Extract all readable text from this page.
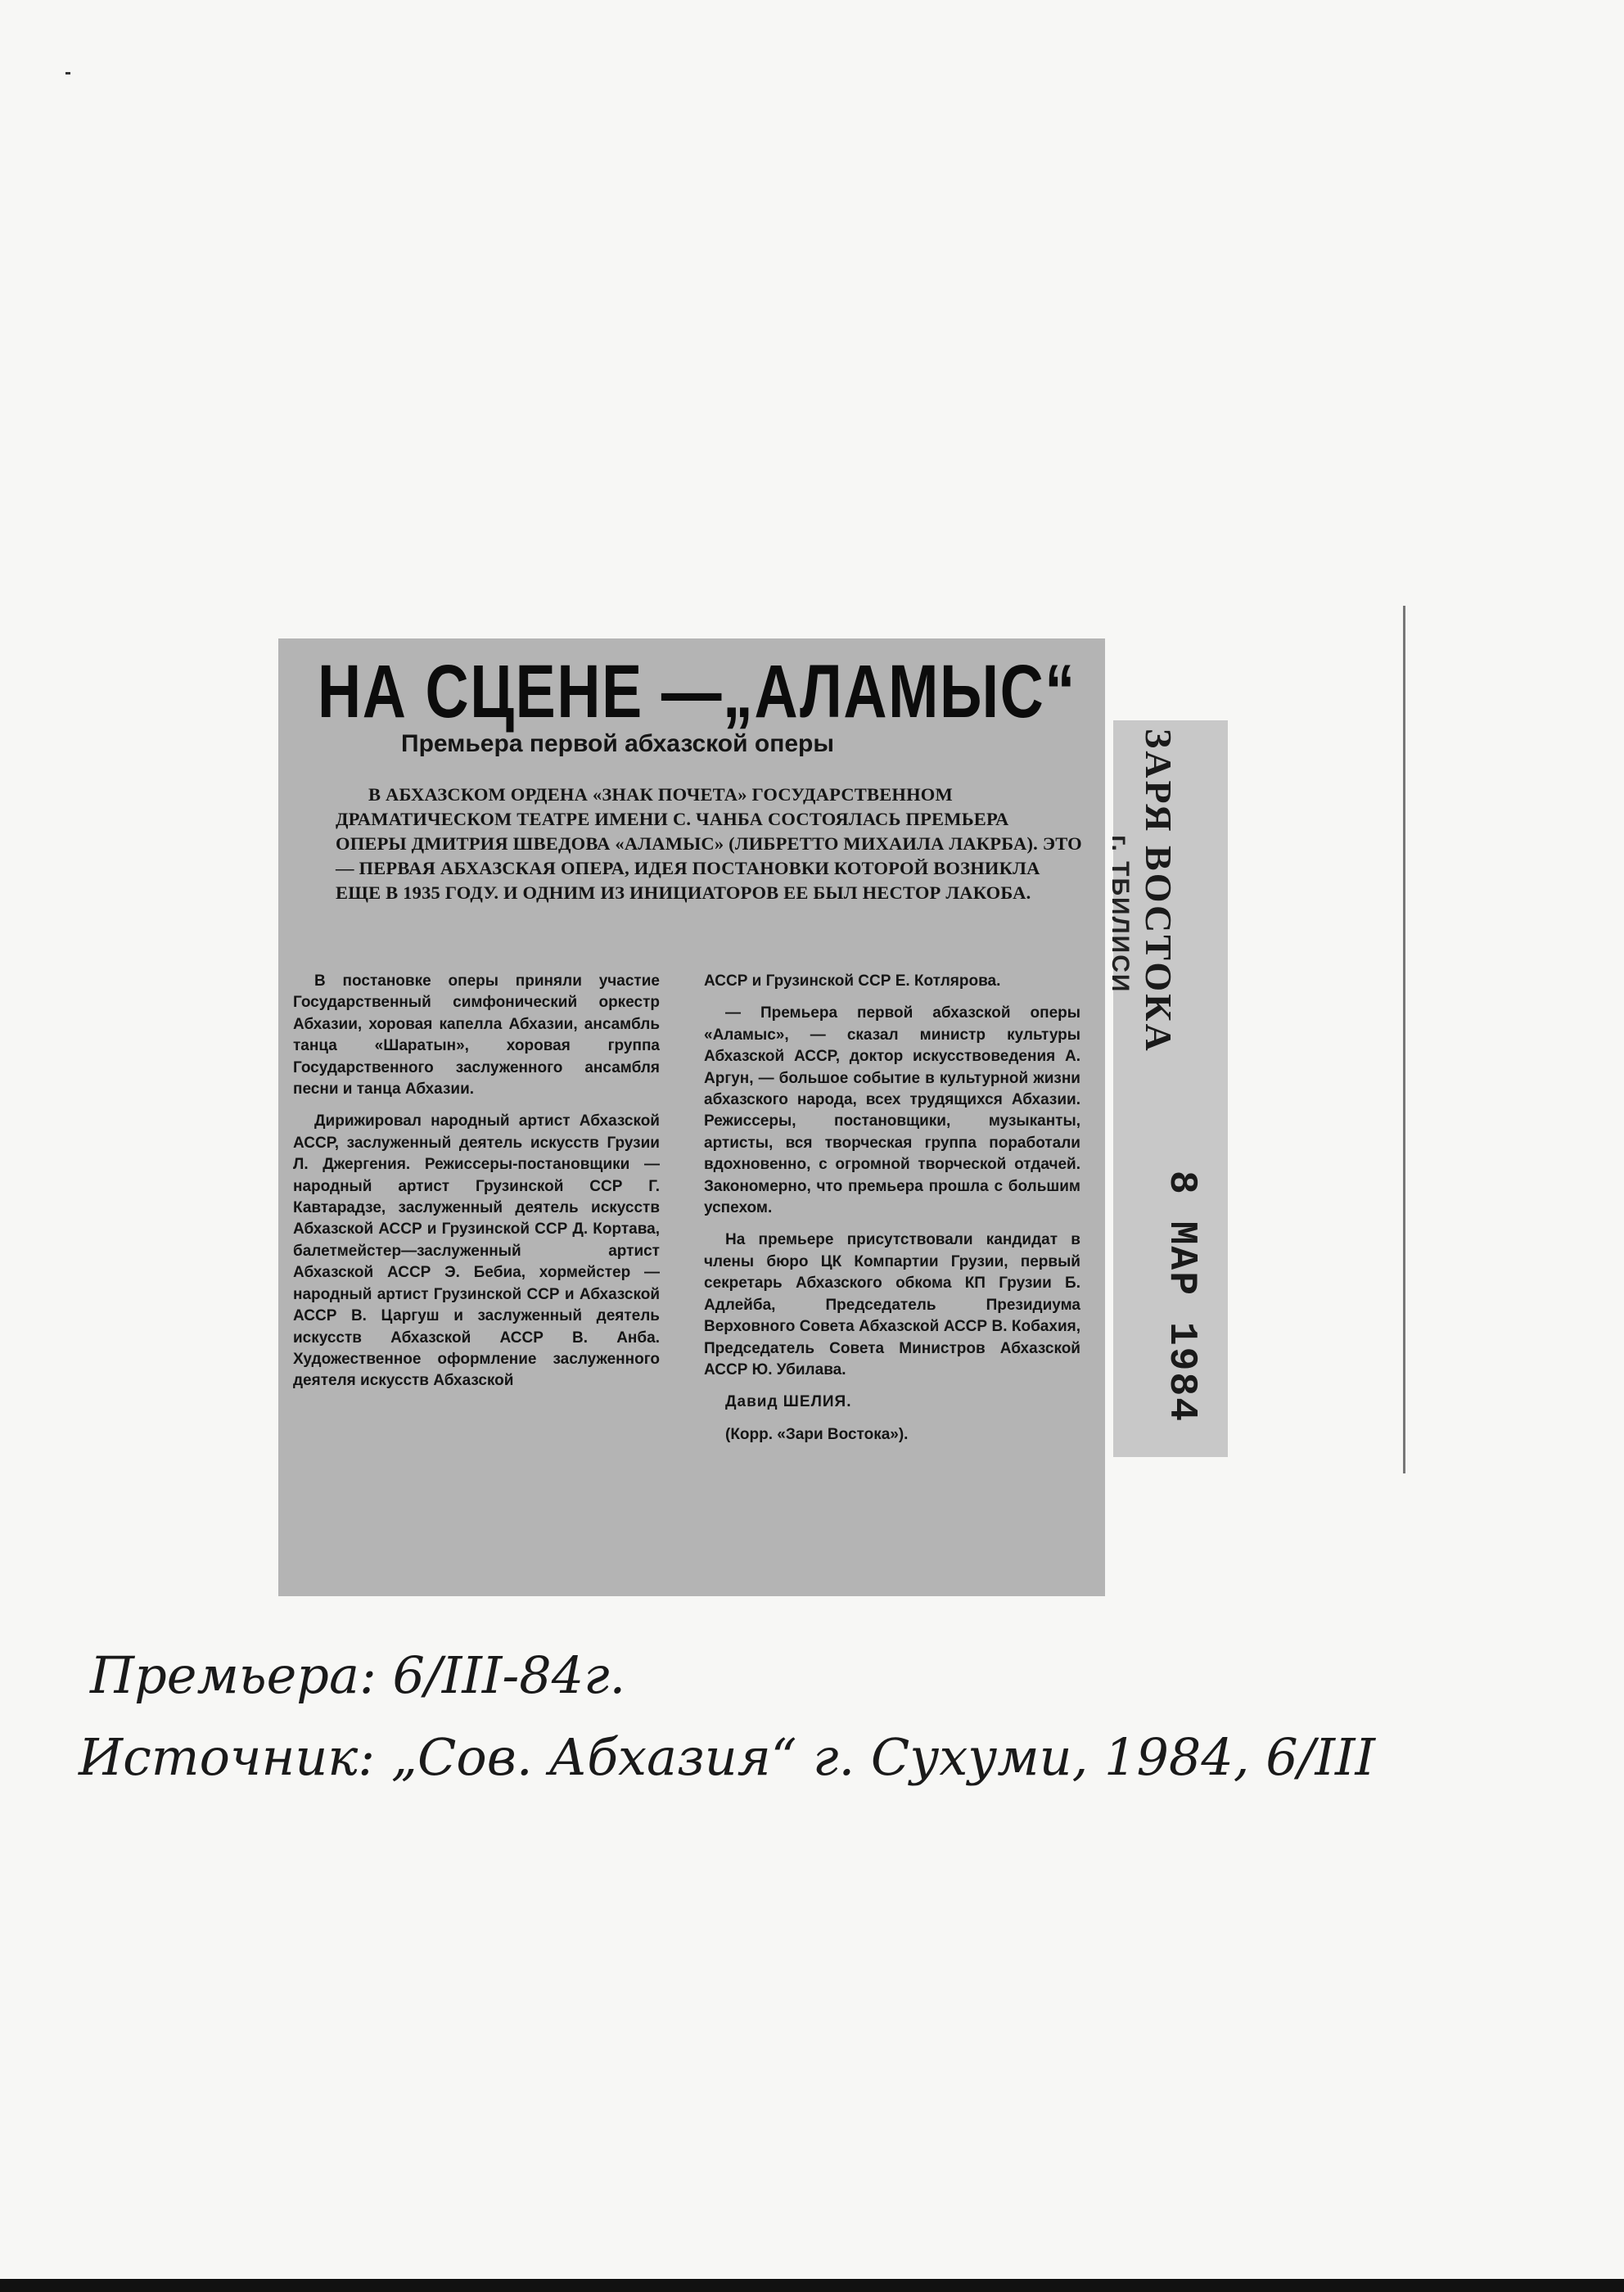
НА СЦЕНЕ —„АЛАМЫС“
Премьера первой абхазской оперы

В АБХАЗСКОМ ОРДЕНА «ЗНАК ПОЧЕТА» ГОСУДАРСТВЕННОМ ДРАМАТИЧЕСКОМ ТЕАТРЕ ИМЕНИ С. ЧАНБА СОСТОЯЛАСЬ ПРЕМЬЕРА ОПЕРЫ ДМИТРИЯ ШВЕДОВА «АЛАМЫС» (ЛИБРЕТТО МИХАИЛА ЛАКРБА). ЭТО — ПЕРВАЯ АБХАЗСКАЯ ОПЕРА, ИДЕЯ ПОСТАНОВКИ КОТОРОЙ ВОЗНИКЛА ЕЩЕ В 1935 ГОДУ. И ОДНИМ ИЗ ИНИЦИАТОРОВ ЕЕ БЫЛ НЕСТОР ЛАКОБА.

В постановке оперы приняли участие Государственный симфонический оркестр Абхазии, хоровая капелла Абхазии, ансамбль танца «Шаратын», хоровая группа Государственного заслуженного ансамбля песни и танца Абхазии.

Дирижировал народный артист Абхазской АССР, заслуженный деятель искусств Грузии Л. Джергения. Режиссеры-постановщики — народный артист Грузинской ССР Г. Кавтарадзе, заслуженный деятель искусств Абхазской АССР и Грузинской ССР Д. Кортава, балетмейстер—заслуженный артист Абхазской АССР Э. Бебиа, хормейстер — народный артист Грузинской ССР и Абхазской АССР В. Царгуш и заслуженный деятель искусств Абхазской АССР В. Анба. Художественное оформление заслуженного деятеля искусств Абхазской

АССР и Грузинской ССР Е. Котлярова.

— Премьера первой абхазской оперы «Аламыс», — сказал министр культуры Абхазской АССР, доктор искусствоведения А. Аргун, — большое событие в культурной жизни абхазского народа, всех трудящихся Абхазии. Режиссеры, постановщики, музыканты, артисты, вся творческая группа поработали вдохновенно, с огромной творческой отдачей. Закономерно, что премьера прошла с большим успехом.

На премьере присутствовали кандидат в члены бюро ЦК Компартии Грузии, первый секретарь Абхазского обкома КП Грузии Б. Адлейба, Председатель Президиума Верховного Совета Абхазской АССР В. Кобахия, Председатель Совета Министров Абхазской АССР Ю. Убилава.

Давид ШЕЛИЯ.

(Корр. «Зари Востока»).

ЗАРЯ ВОСТОКА
г. ТБИЛИСИ
8 МАР 1984
Премьера: 6/III-84г.
Источник: „Сов. Абхазия“ г. Сухуми, 1984, 6/III
